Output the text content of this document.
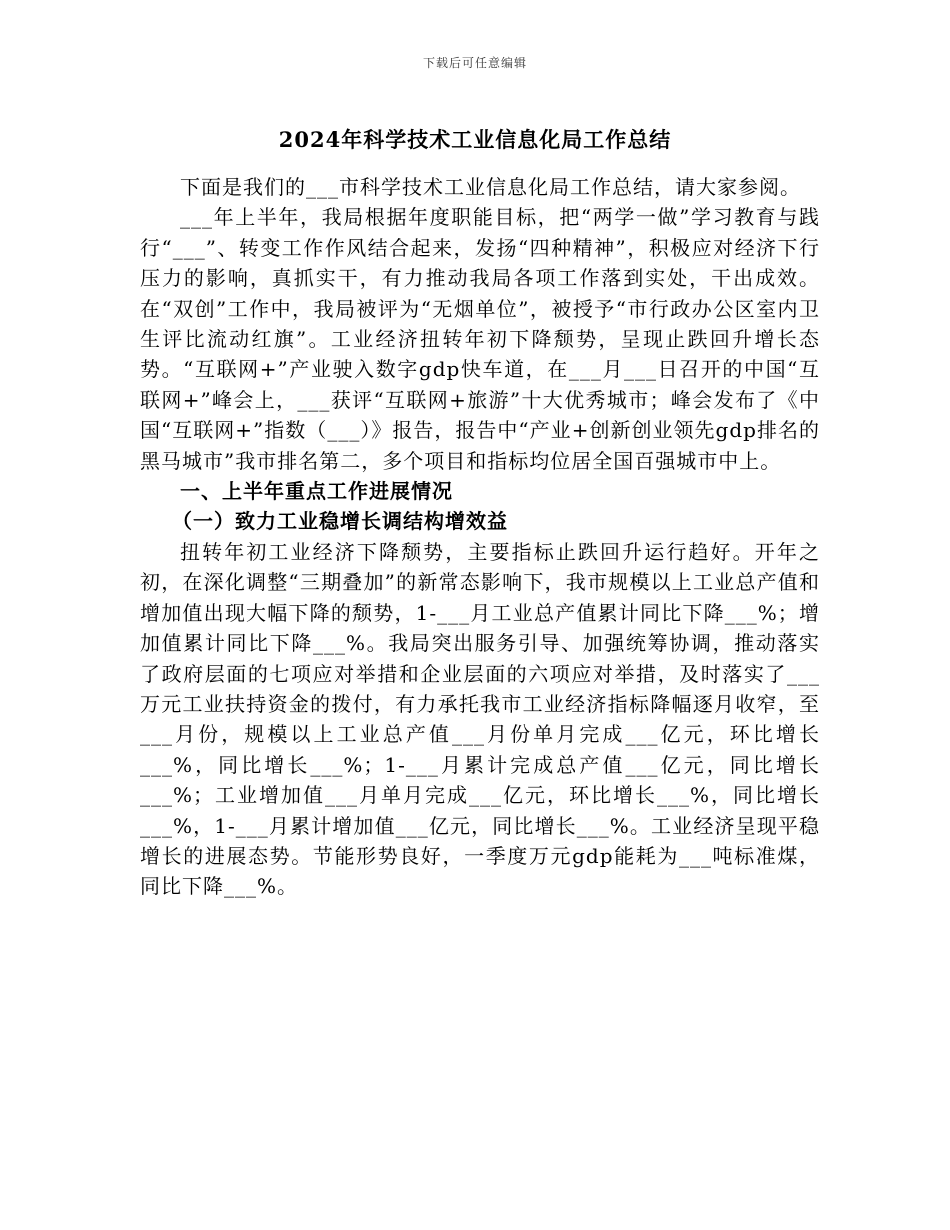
下载后可任意编辑
2024年科学技术工业信息化局工作总结

下面是我们的___市科学技术工业信息化局工作总结，请大家参阅。

___年上半年，我局根据年度职能目标，把“两学一做”学习教育与践行“___”、转变工作作风结合起来，发扬“四种精神”，积极应对经济下行压力的影响，真抓实干，有力推动我局各项工作落到实处，干出成效。在“双创”工作中，我局被评为“无烟单位”，被授予“市行政办公区室内卫生评比流动红旗”。工业经济扭转年初下降颓势，呈现止跌回升增长态势。“互联网+”产业驶入数字gdp快车道，在___月___日召开的中国“互联网+”峰会上，___获评“互联网+旅游”十大优秀城市；峰会发布了《中国“互联网+”指数（___）》报告，报告中“产业+创新创业领先gdp排名的黑马城市”我市排名第二，多个项目和指标均位居全国百强城市中上。

一、上半年重点工作进展情况

（一）致力工业稳增长调结构增效益

扭转年初工业经济下降颓势，主要指标止跌回升运行趋好。开年之初，在深化调整“三期叠加”的新常态影响下，我市规模以上工业总产值和增加值出现大幅下降的颓势，1-___月工业总产值累计同比下降___%；增加值累计同比下降___%。我局突出服务引导、加强统筹协调，推动落实了政府层面的七项应对举措和企业层面的六项应对举措，及时落实了___万元工业扶持资金的拨付，有力承托我市工业经济指标降幅逐月收窄，至___月份，规模以上工业总产值___月份单月完成___亿元，环比增长___%，同比增长___%；1-___月累计完成总产值___亿元，同比增长___%；工业增加值___月单月完成___亿元，环比增长___%，同比增长___%，1-___月累计增加值___亿元，同比增长___%。工业经济呈现平稳增长的进展态势。节能形势良好，一季度万元gdp能耗为___吨标准煤，同比下降___%。
